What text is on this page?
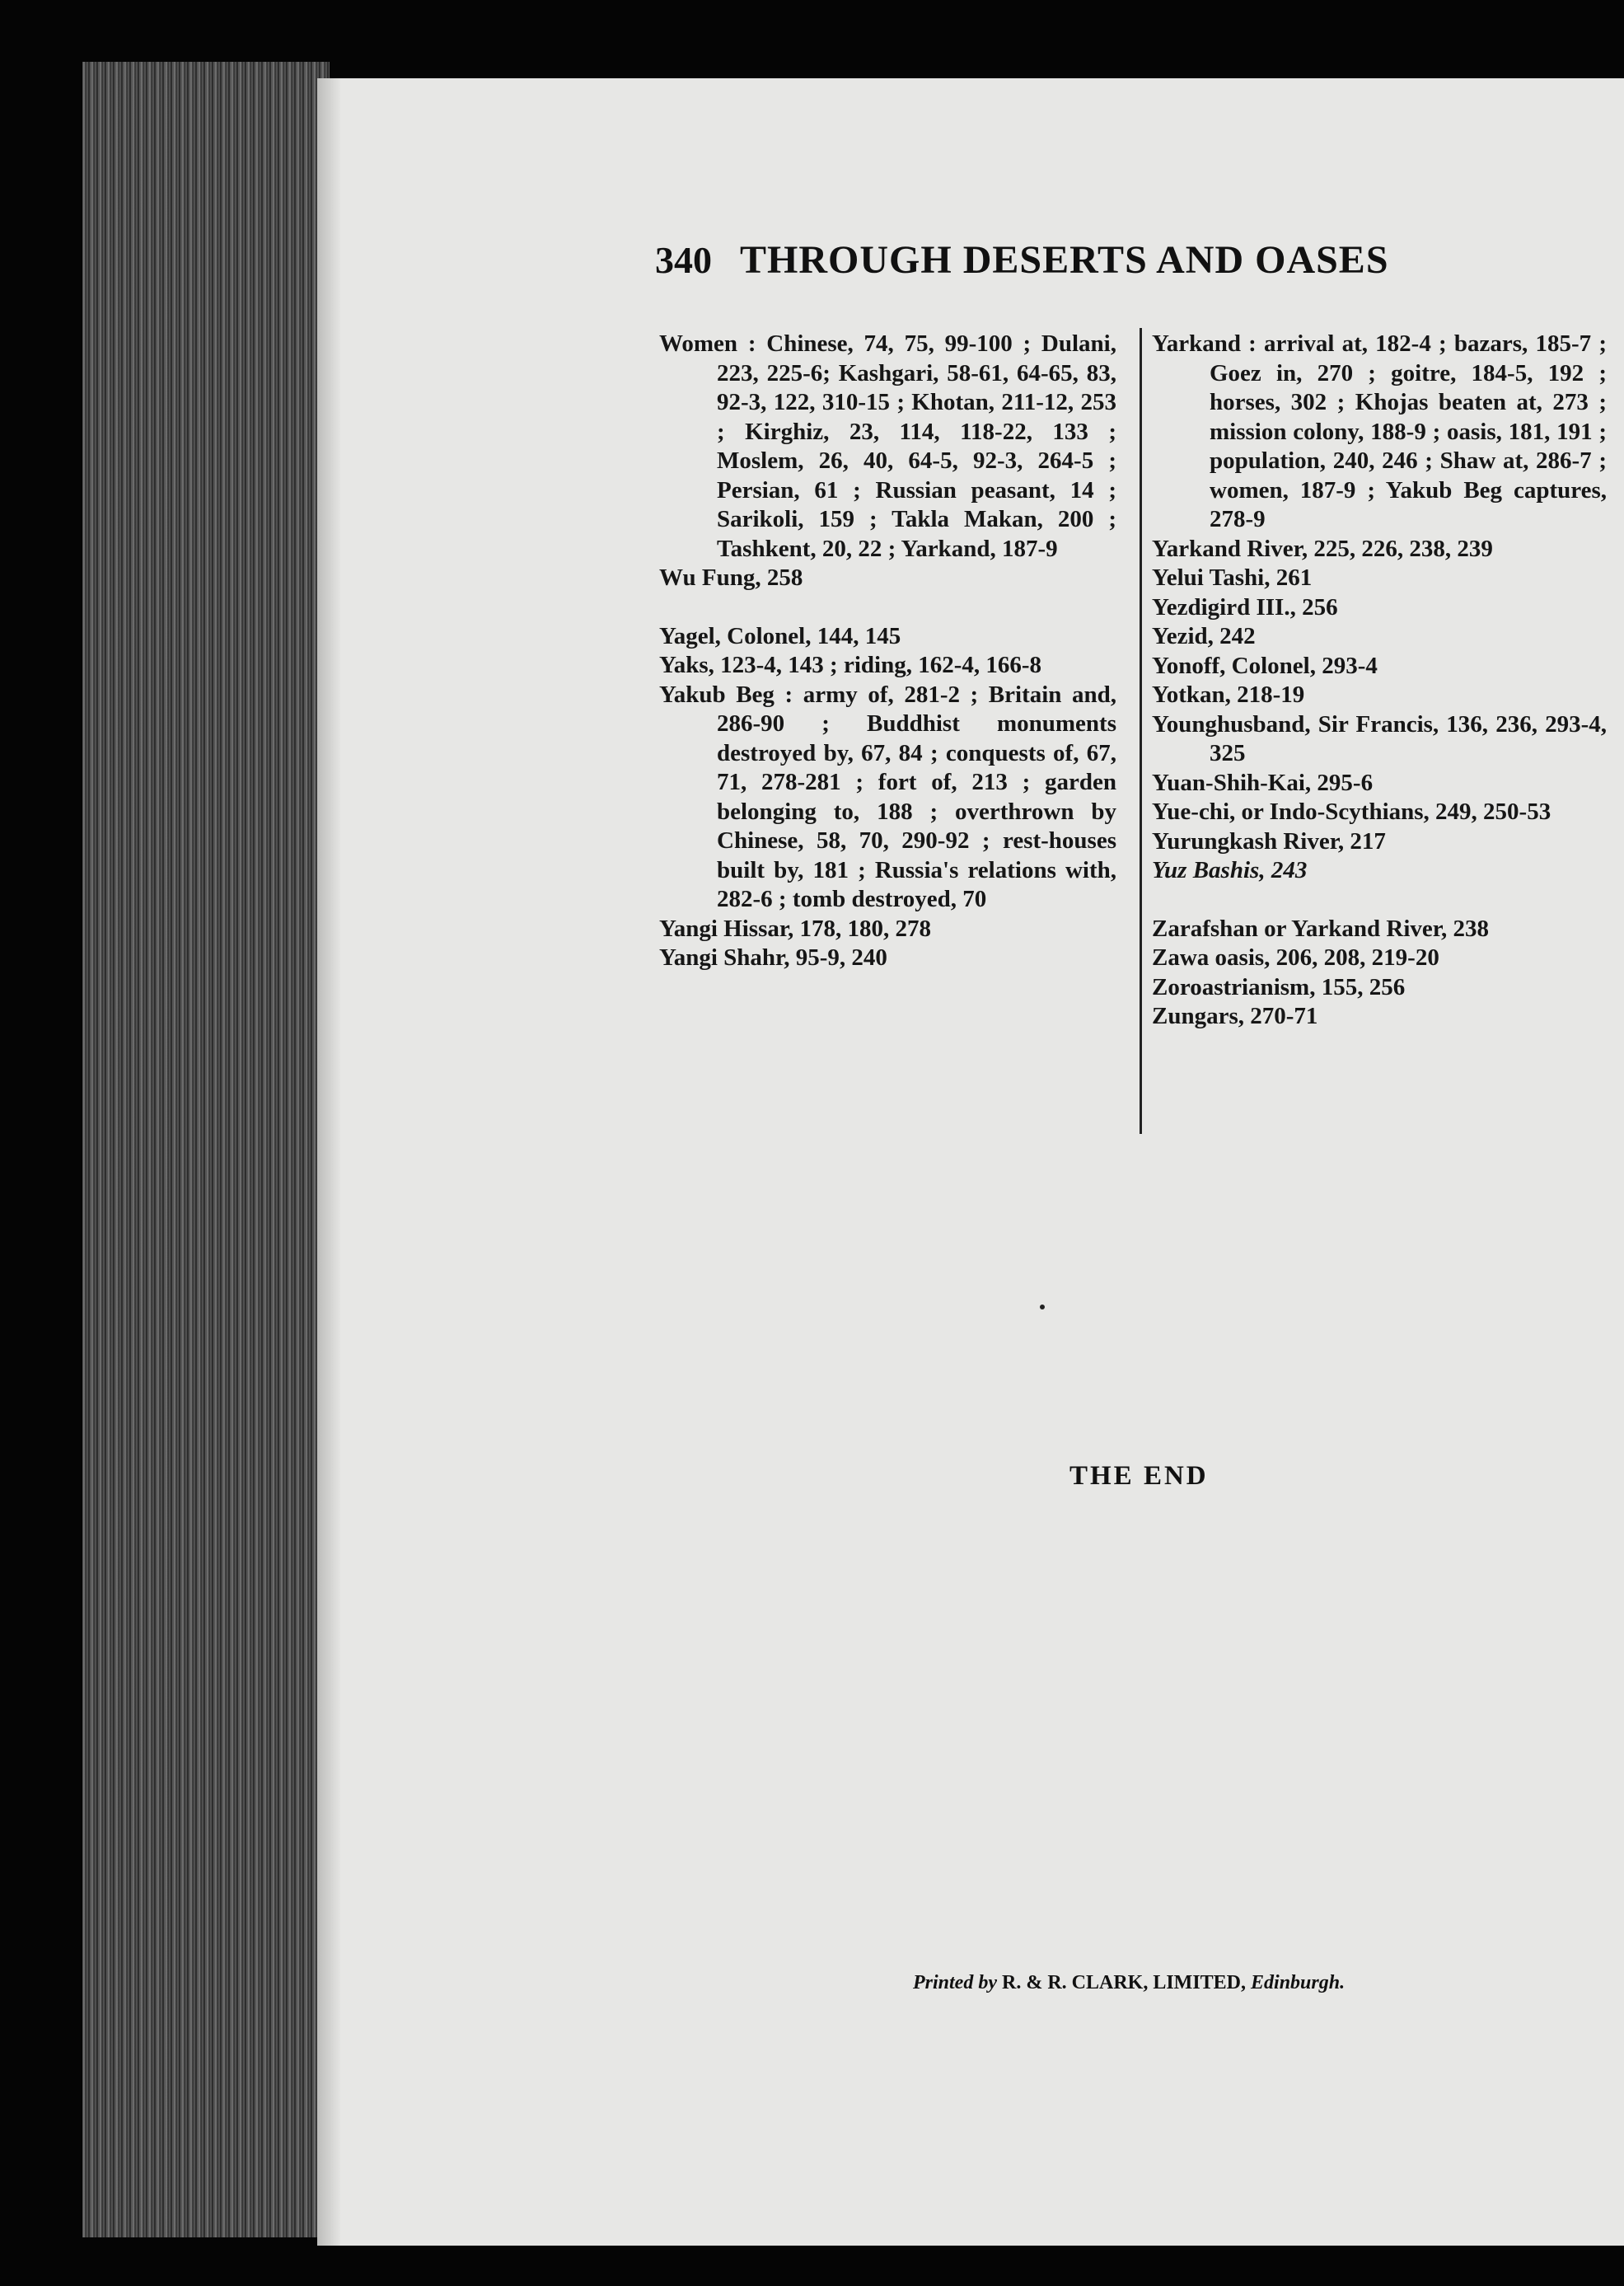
340 THROUGH DESERTS AND OASES

Women : Chinese, 74, 75, 99-100 ; Dulani, 223, 225-6; Kashgari, 58-61, 64-65, 83, 92-3, 122, 310-15 ; Khotan, 211-12, 253 ; Kirghiz, 23, 114, 118-22, 133 ; Moslem, 26, 40, 64-5, 92-3, 264-5 ; Persian, 61 ; Russian peasant, 14 ; Sarikoli, 159 ; Takla Makan, 200 ; Tashkent, 20, 22 ; Yarkand, 187-9

Wu Fung, 258

Yagel, Colonel, 144, 145

Yaks, 123-4, 143 ; riding, 162-4, 166-8

Yakub Beg : army of, 281-2 ; Britain and, 286-90 ; Buddhist monuments destroyed by, 67, 84 ; conquests of, 67, 71, 278-281 ; fort of, 213 ; garden belonging to, 188 ; overthrown by Chinese, 58, 70, 290-92 ; rest-houses built by, 181 ; Russia's relations with, 282-6 ; tomb destroyed, 70

Yangi Hissar, 178, 180, 278

Yangi Shahr, 95-9, 240

Yarkand : arrival at, 182-4 ; bazars, 185-7 ; Goez in, 270 ; goitre, 184-5, 192 ; horses, 302 ; Khojas beaten at, 273 ; mission colony, 188-9 ; oasis, 181, 191 ; population, 240, 246 ; Shaw at, 286-7 ; women, 187-9 ; Yakub Beg captures, 278-9

Yarkand River, 225, 226, 238, 239

Yelui Tashi, 261

Yezdigird III., 256

Yezid, 242

Yonoff, Colonel, 293-4

Yotkan, 218-19

Younghusband, Sir Francis, 136, 236, 293-4, 325

Yuan-Shih-Kai, 295-6

Yue-chi, or Indo-Scythians, 249, 250-53

Yurungkash River, 217

Yuz Bashis, 243

Zarafshan or Yarkand River, 238

Zawa oasis, 206, 208, 219-20

Zoroastrianism, 155, 256

Zungars, 270-71

THE END
Printed by R. & R. CLARK, LIMITED, Edinburgh.
